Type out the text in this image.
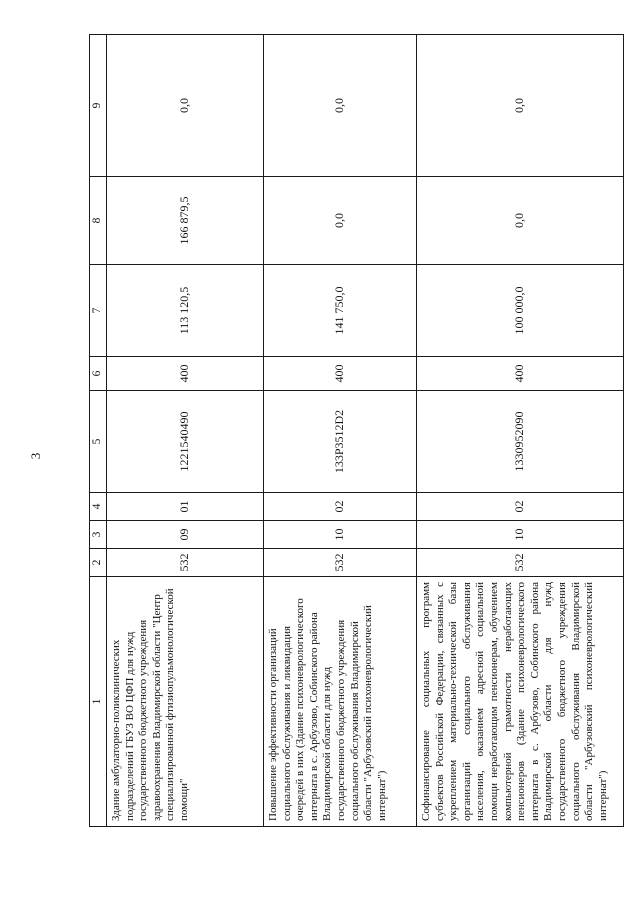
3
1	2	3	4	5	6	7	8	9
Здание амбулаторно-поликлинических подразделений ГБУЗ ВО ЦФП для нужд государственного бюджетного учреждения здравоохранения Владимирской области "Центр специализированной фтизиопульмонологической помощи"	532	09	01	1221540490	400	113 120,5	166 879,5	0,0
Повышение эффективности организаций социального обслуживания и ликвидация очередей в них (Здание психоневрологического интерната в с. Арбузово, Собинского района Владимирской области для нужд государственного бюджетного учреждения социального обслуживания Владимирской области "Арбузовский психоневрологический интернат")	532	10	02	133P3512D2	400	141 750,0	0,0	0,0
Софинансирование социальных программ субъектов Российской Федерации, связанных с укреплением материально-технической базы организаций социального обслуживания населения, оказанием адресной социальной помощи неработающим пенсионерам, обучением компьютерной грамотности неработающих пенсионеров (Здание психоневрологического интерната в с. Арбузово, Собинского района Владимирской области для нужд государственного бюджетного учреждения социального обслуживания Владимирской области "Арбузовский психоневрологический интернат")	532	10	02	1330952090	400	100 000,0	0,0	0,0
